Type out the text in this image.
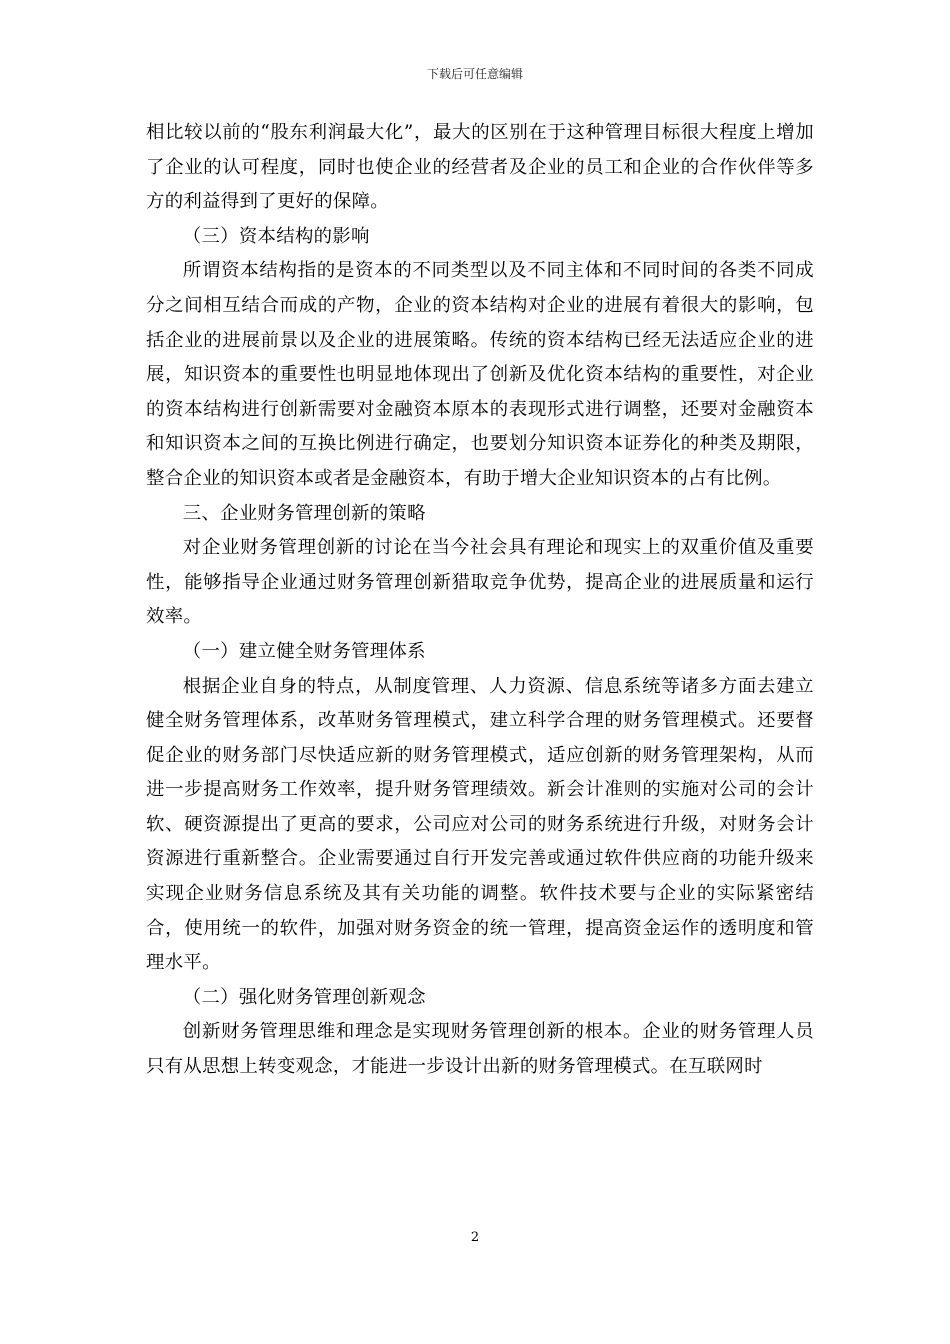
下载后可任意编辑

相比较以前的“股东利润最大化”，最大的区别在于这种管理目标很大程度上增加了企业的认可程度，同时也使企业的经营者及企业的员工和企业的合作伙伴等多方的利益得到了更好的保障。

（三）资本结构的影响

所谓资本结构指的是资本的不同类型以及不同主体和不同时间的各类不同成分之间相互结合而成的产物，企业的资本结构对企业的进展有着很大的影响，包括企业的进展前景以及企业的进展策略。传统的资本结构已经无法适应企业的进展，知识资本的重要性也明显地体现出了创新及优化资本结构的重要性，对企业的资本结构进行创新需要对金融资本原本的表现形式进行调整，还要对金融资本和知识资本之间的互换比例进行确定，也要划分知识资本证券化的种类及期限，整合企业的知识资本或者是金融资本，有助于增大企业知识资本的占有比例。

三、企业财务管理创新的策略

对企业财务管理创新的讨论在当今社会具有理论和现实上的双重价值及重要性，能够指导企业通过财务管理创新猎取竞争优势，提高企业的进展质量和运行效率。

（一）建立健全财务管理体系

根据企业自身的特点，从制度管理、人力资源、信息系统等诸多方面去建立健全财务管理体系，改革财务管理模式，建立科学合理的财务管理模式。还要督促企业的财务部门尽快适应新的财务管理模式，适应创新的财务管理架构，从而进一步提高财务工作效率，提升财务管理绩效。新会计准则的实施对公司的会计软、硬资源提出了更高的要求，公司应对公司的财务系统进行升级，对财务会计资源进行重新整合。企业需要通过自行开发完善或通过软件供应商的功能升级来实现企业财务信息系统及其有关功能的调整。软件技术要与企业的实际紧密结合，使用统一的软件，加强对财务资金的统一管理，提高资金运作的透明度和管理水平。

（二）强化财务管理创新观念

创新财务管理思维和理念是实现财务管理创新的根本。企业的财务管理人员只有从思想上转变观念，才能进一步设计出新的财务管理模式。在互联网时

2
